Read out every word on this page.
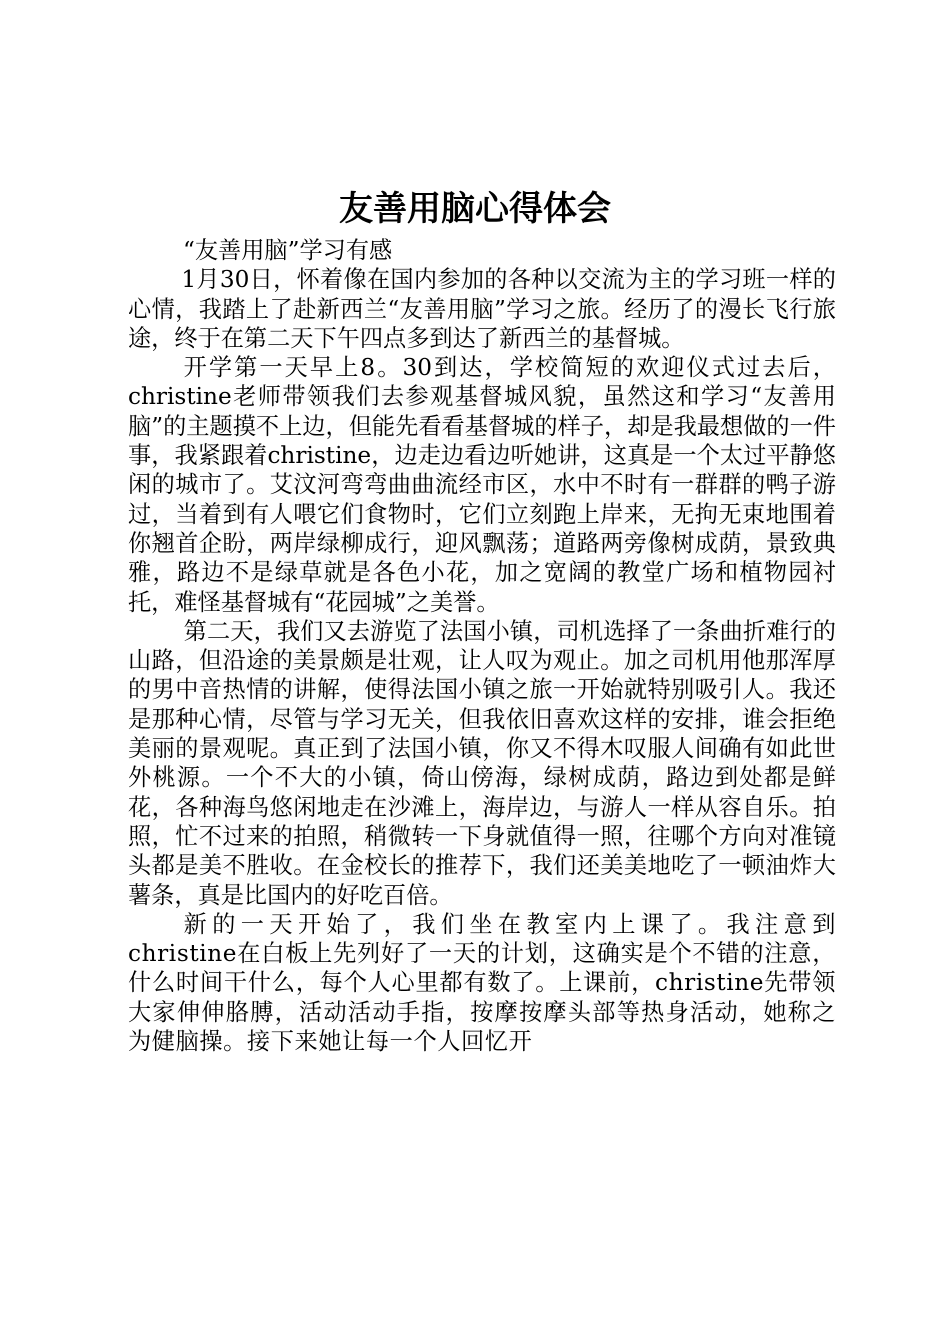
友善用脑心得体会

“友善用脑”学习有感

1月30日，怀着像在国内参加的各种以交流为主的学习班一样的心情，我踏上了赴新西兰“友善用脑”学习之旅。经历了的漫长飞行旅途，终于在第二天下午四点多到达了新西兰的基督城。

开学第一天早上8。30到达，学校简短的欢迎仪式过去后，christine老师带领我们去参观基督城风貌，虽然这和学习“友善用脑”的主题摸不上边，但能先看看基督城的样子，却是我最想做的一件事，我紧跟着christine，边走边看边听她讲，这真是一个太过平静悠闲的城市了。艾汶河弯弯曲曲流经市区，水中不时有一群群的鸭子游过，当着到有人喂它们食物时，它们立刻跑上岸来，无拘无束地围着你翘首企盼，两岸绿柳成行，迎风飘荡；道路两旁像树成荫，景致典雅，路边不是绿草就是各色小花，加之宽阔的教堂广场和植物园衬托，难怪基督城有“花园城”之美誉。

第二天，我们又去游览了法国小镇，司机选择了一条曲折难行的山路，但沿途的美景颇是壮观，让人叹为观止。加之司机用他那浑厚的男中音热情的讲解，使得法国小镇之旅一开始就特别吸引人。我还是那种心情，尽管与学习无关，但我依旧喜欢这样的安排，谁会拒绝美丽的景观呢。真正到了法国小镇，你又不得木叹服人间确有如此世外桃源。一个不大的小镇，倚山傍海，绿树成荫，路边到处都是鲜花，各种海鸟悠闲地走在沙滩上，海岸边，与游人一样从容自乐。拍照，忙不过来的拍照，稍微转一下身就值得一照，往哪个方向对准镜头都是美不胜收。在金校长的推荐下，我们还美美地吃了一顿油炸大薯条，真是比国内的好吃百倍。

新的一天开始了，我们坐在教室内上课了。我注意到christine在白板上先列好了一天的计划，这确实是个不错的注意，什么时间干什么，每个人心里都有数了。上课前，christine先带领大家伸伸胳膊，活动活动手指，按摩按摩头部等热身活动，她称之为健脑操。接下来她让每一个人回忆开
